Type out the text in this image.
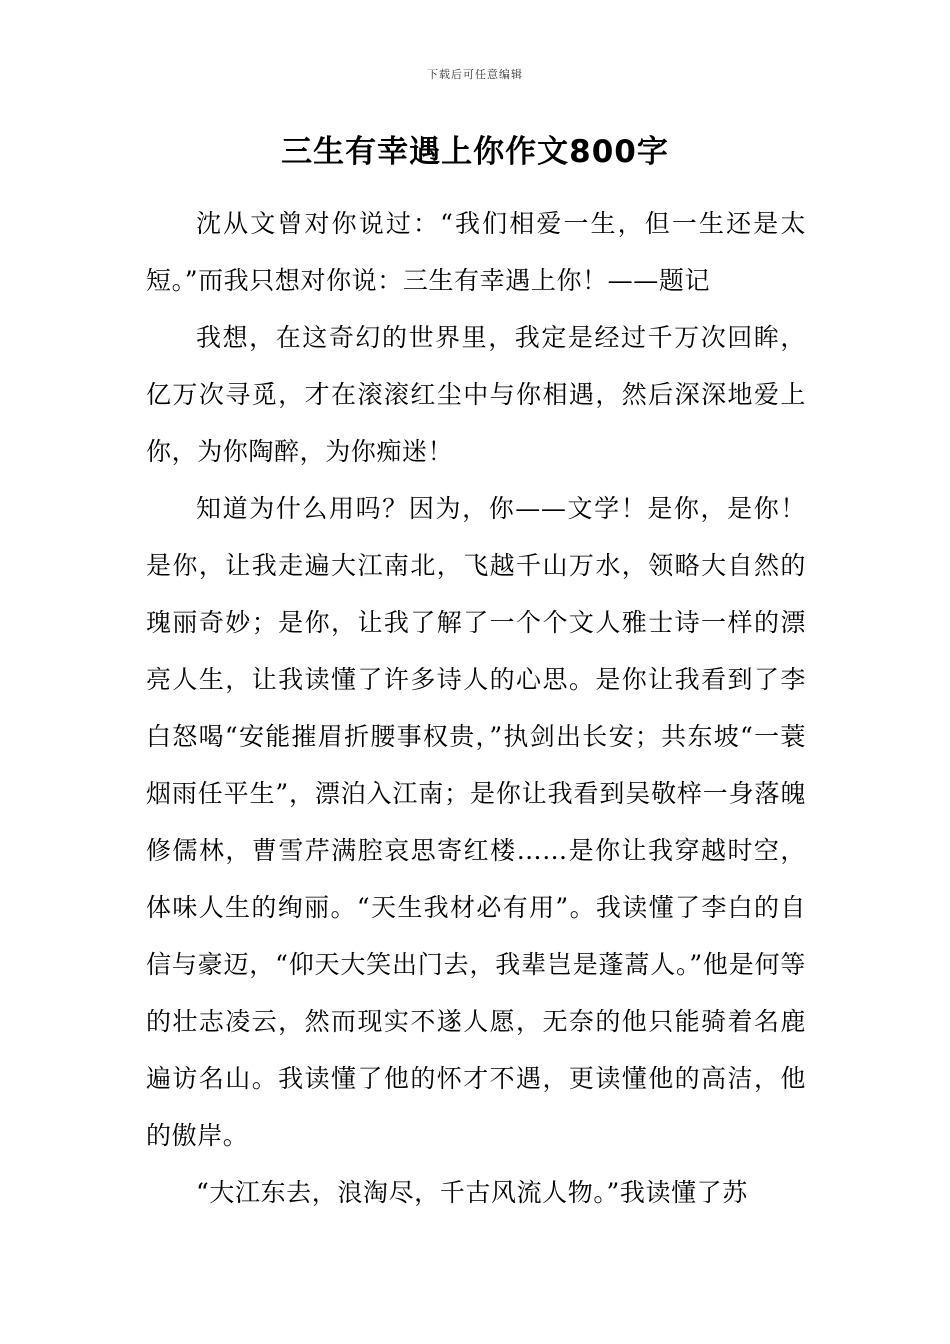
下载后可任意编辑
三生有幸遇上你作文800字

沈从文曾对你说过：“我们相爱一生，但一生还是太短。”而我只想对你说：三生有幸遇上你！——题记

我想，在这奇幻的世界里，我定是经过千万次回眸，亿万次寻觅，才在滚滚红尘中与你相遇，然后深深地爱上你，为你陶醉，为你痴迷！

知道为什么用吗？因为，你——文学！是你，是你！是你，让我走遍大江南北，飞越千山万水，领略大自然的瑰丽奇妙；是你，让我了解了一个个文人雅士诗一样的漂亮人生，让我读懂了许多诗人的心思。是你让我看到了李白怒喝“安能摧眉折腰事权贵，”执剑出长安；共东坡“一蓑烟雨任平生”，漂泊入江南；是你让我看到吴敬梓一身落魄修儒林，曹雪芹满腔哀思寄红楼……是你让我穿越时空，体味人生的绚丽。“天生我材必有用”。我读懂了李白的自信与豪迈，“仰天大笑出门去，我辈岂是蓬蒿人。”他是何等的壮志凌云，然而现实不遂人愿，无奈的他只能骑着名鹿遍访名山。我读懂了他的怀才不遇，更读懂他的高洁，他的傲岸。

“大江东去，浪淘尽，千古风流人物。”我读懂了苏
